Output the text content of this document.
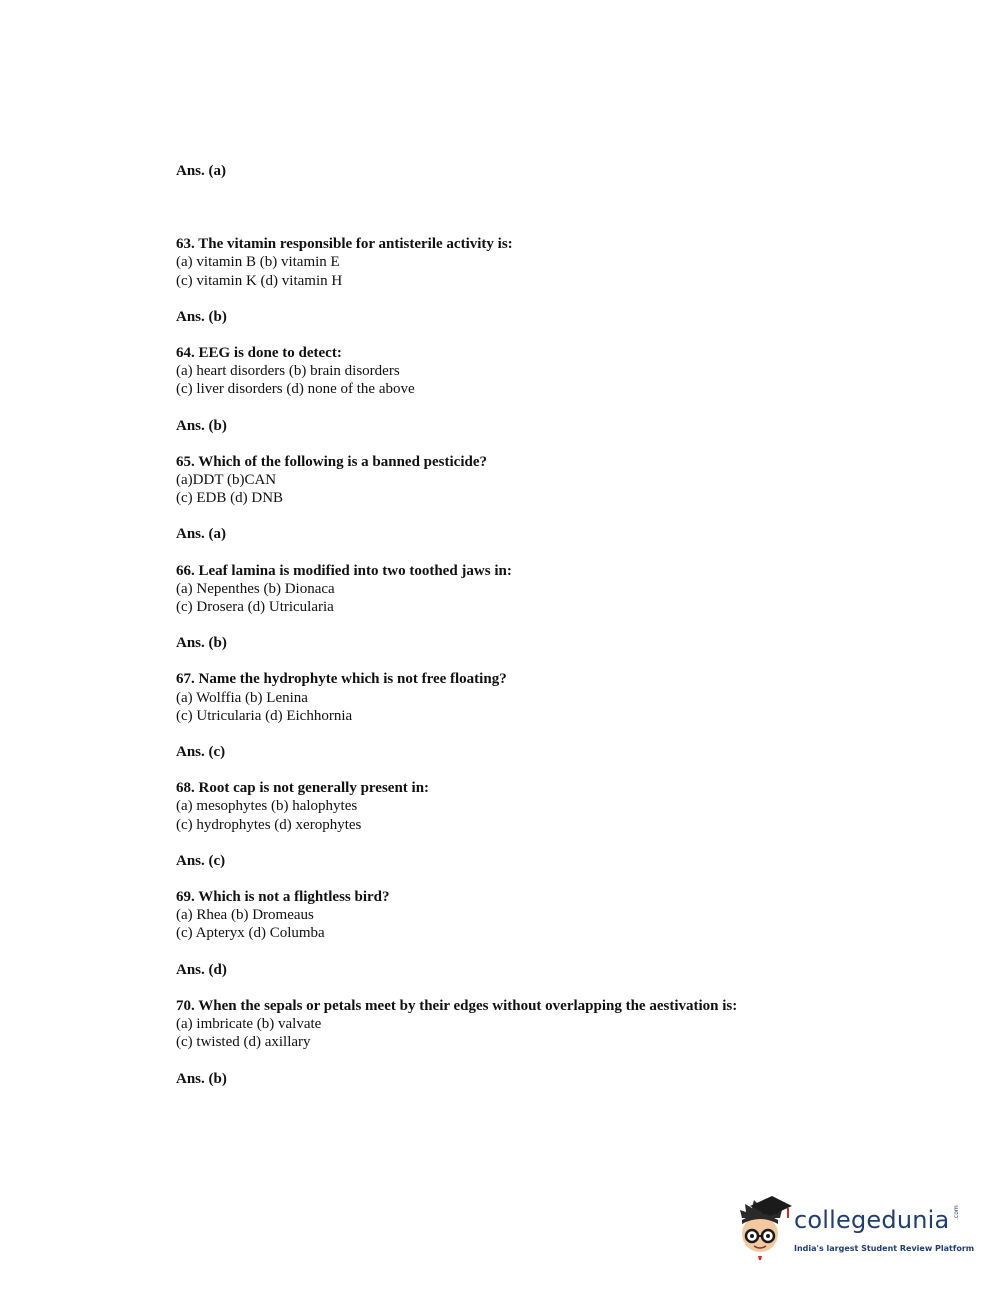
Ans. (a)
63. The vitamin responsible for antisterile activity is:
(a) vitamin B (b) vitamin E
(c) vitamin K (d) vitamin H
Ans. (b)
64. EEG is done to detect:
(a) heart disorders (b) brain disorders
(c) liver disorders (d) none of the above
Ans. (b)
65. Which of the following is a banned pesticide?
(a)DDT (b)CAN
(c) EDB (d) DNB
Ans. (a)
66. Leaf lamina is modified into two toothed jaws in:
(a) Nepenthes (b) Dionaca
(c) Drosera (d) Utricularia
Ans. (b)
67. Name the hydrophyte which is not free floating?
(a) Wolffia (b) Lenina
(c) Utricularia (d) Eichhornia
Ans. (c)
68. Root cap is not generally present in:
(a) mesophytes (b) halophytes
(c) hydrophytes (d) xerophytes
Ans. (c)
69. Which is not a flightless bird?
(a) Rhea (b) Dromeaus
(c) Apteryx (d) Columba
Ans. (d)
70. When the sepals or petals meet by their edges without overlapping the aestivation is:
(a) imbricate (b) valvate
(c) twisted (d) axillary
Ans. (b)
collegedunia .com
India's largest Student Review Platform
